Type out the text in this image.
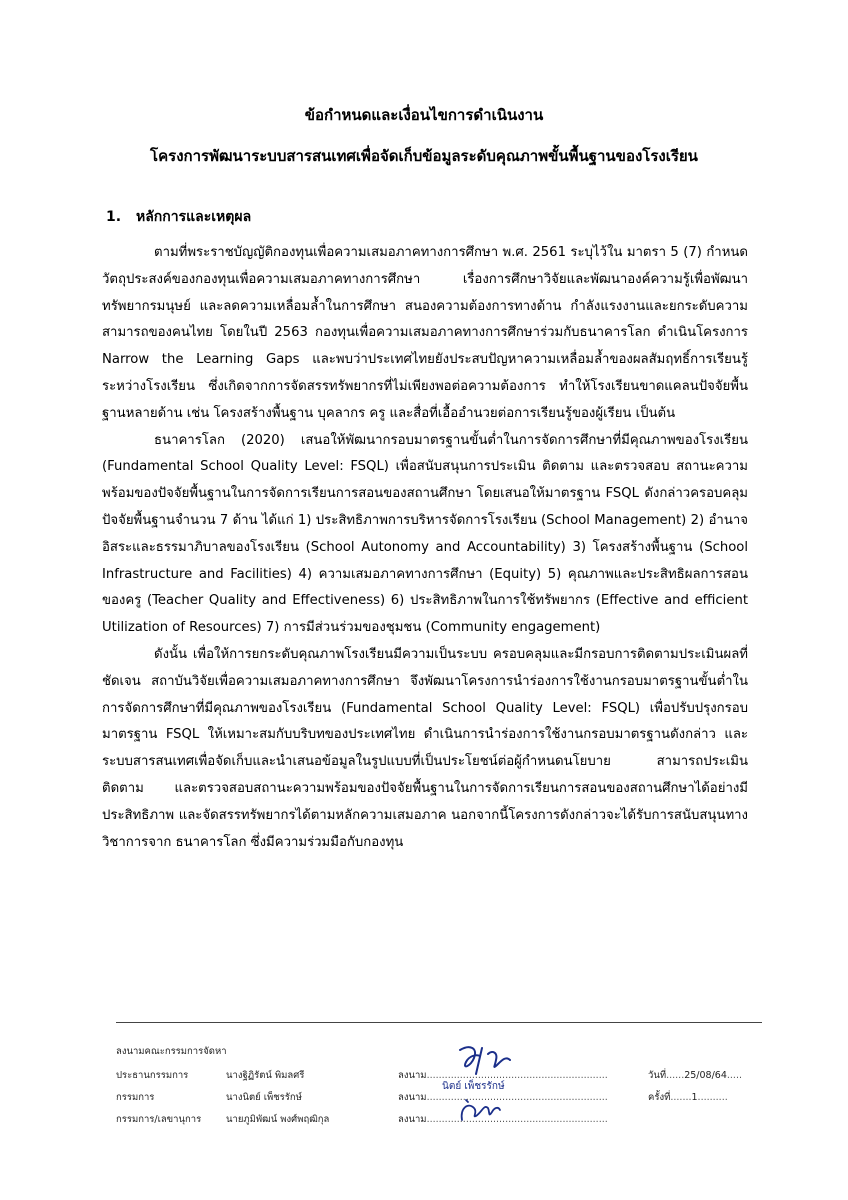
ข้อกำหนดและเงื่อนไขการดำเนินงาน
โครงการพัฒนาระบบสารสนเทศเพื่อจัดเก็บข้อมูลระดับคุณภาพขั้นพื้นฐานของโรงเรียน
1. หลักการและเหตุผล

ตามที่พระราชบัญญัติกองทุนเพื่อความเสมอภาคทางการศึกษา พ.ศ. 2561 ระบุไว้ใน มาตรา 5 (7) กำหนดวัตถุประสงค์ของกองทุนเพื่อความเสมอภาคทางการศึกษา เรื่องการศึกษาวิจัยและพัฒนาองค์ความรู้เพื่อพัฒนาทรัพยากรมนุษย์ และลดความเหลื่อมล้ำในการศึกษา สนองความต้องการทางด้าน กำลังแรงงานและยกระดับความสามารถของคนไทย โดยในปี 2563 กองทุนเพื่อความเสมอภาคทางการศึกษาร่วมกับธนาคารโลก ดำเนินโครงการ Narrow the Learning Gaps และพบว่าประเทศไทยยังประสบปัญหาความเหลื่อมล้ำของผลสัมฤทธิ์การเรียนรู้ระหว่างโรงเรียน ซึ่งเกิดจากการจัดสรรทรัพยากรที่ไม่เพียงพอต่อความต้องการ ทำให้โรงเรียนขาดแคลนปัจจัยพื้นฐานหลายด้าน เช่น โครงสร้างพื้นฐาน บุคลากร ครู และสื่อที่เอื้ออำนวยต่อการเรียนรู้ของผู้เรียน เป็นต้น

ธนาคารโลก (2020) เสนอให้พัฒนากรอบมาตรฐานขั้นต่ำในการจัดการศึกษาที่มีคุณภาพของโรงเรียน (Fundamental School Quality Level: FSQL) เพื่อสนับสนุนการประเมิน ติดตาม และตรวจสอบ สถานะความพร้อมของปัจจัยพื้นฐานในการจัดการเรียนการสอนของสถานศึกษา โดยเสนอให้มาตรฐาน FSQL ดังกล่าวครอบคลุมปัจจัยพื้นฐานจำนวน 7 ด้าน ได้แก่ 1) ประสิทธิภาพการบริหารจัดการโรงเรียน (School Management) 2) อำนาจอิสระและธรรมาภิบาลของโรงเรียน (School Autonomy and Accountability) 3) โครงสร้างพื้นฐาน (School Infrastructure and Facilities) 4) ความเสมอภาคทางการศึกษา (Equity) 5) คุณภาพและประสิทธิผลการสอนของครู (Teacher Quality and Effectiveness) 6) ประสิทธิภาพในการใช้ทรัพยากร (Effective and efficient Utilization of Resources) 7) การมีส่วนร่วมของชุมชน (Community engagement)

ดังนั้น เพื่อให้การยกระดับคุณภาพโรงเรียนมีความเป็นระบบ ครอบคลุมและมีกรอบการติดตามประเมินผลที่ชัดเจน สถาบันวิจัยเพื่อความเสมอภาคทางการศึกษา จึงพัฒนาโครงการนำร่องการใช้งานกรอบมาตรฐานขั้นต่ำในการจัดการศึกษาที่มีคุณภาพของโรงเรียน (Fundamental School Quality Level: FSQL) เพื่อปรับปรุงกรอบมาตรฐาน FSQL ให้เหมาะสมกับบริบทของประเทศไทย ดำเนินการนำร่องการใช้งานกรอบมาตรฐานดังกล่าว และระบบสารสนเทศเพื่อจัดเก็บและนำเสนอข้อมูลในรูปแบบที่เป็นประโยชน์ต่อผู้กำหนดนโยบาย สามารถประเมิน ติดตาม และตรวจสอบสถานะความพร้อมของปัจจัยพื้นฐานในการจัดการเรียนการสอนของสถานศึกษาได้อย่างมีประสิทธิภาพ และจัดสรรทรัพยากรได้ตามหลักความเสมอภาค นอกจากนี้โครงการดังกล่าวจะได้รับการสนับสนุนทางวิชาการจาก ธนาคารโลก ซึ่งมีความร่วมมือกับกองทุน

ลงนามคณะกรรมการจัดหา
ประธานกรรมการ	นางฐิฏิรัตน์ พิมลศรี	ลงนาม............................................................	วันที่......25/08/64.....
กรรมการ	นางนิตย์ เพ็ชรรักษ์	ลงนาม............................................................	ครั้งที่.......1..........
กรรมการ/เลขานุการ	นายภูมิพัฒน์ พงศ์พฤฒิกุล	ลงนาม............................................................
นิตย์ เพ็ชรรักษ์
